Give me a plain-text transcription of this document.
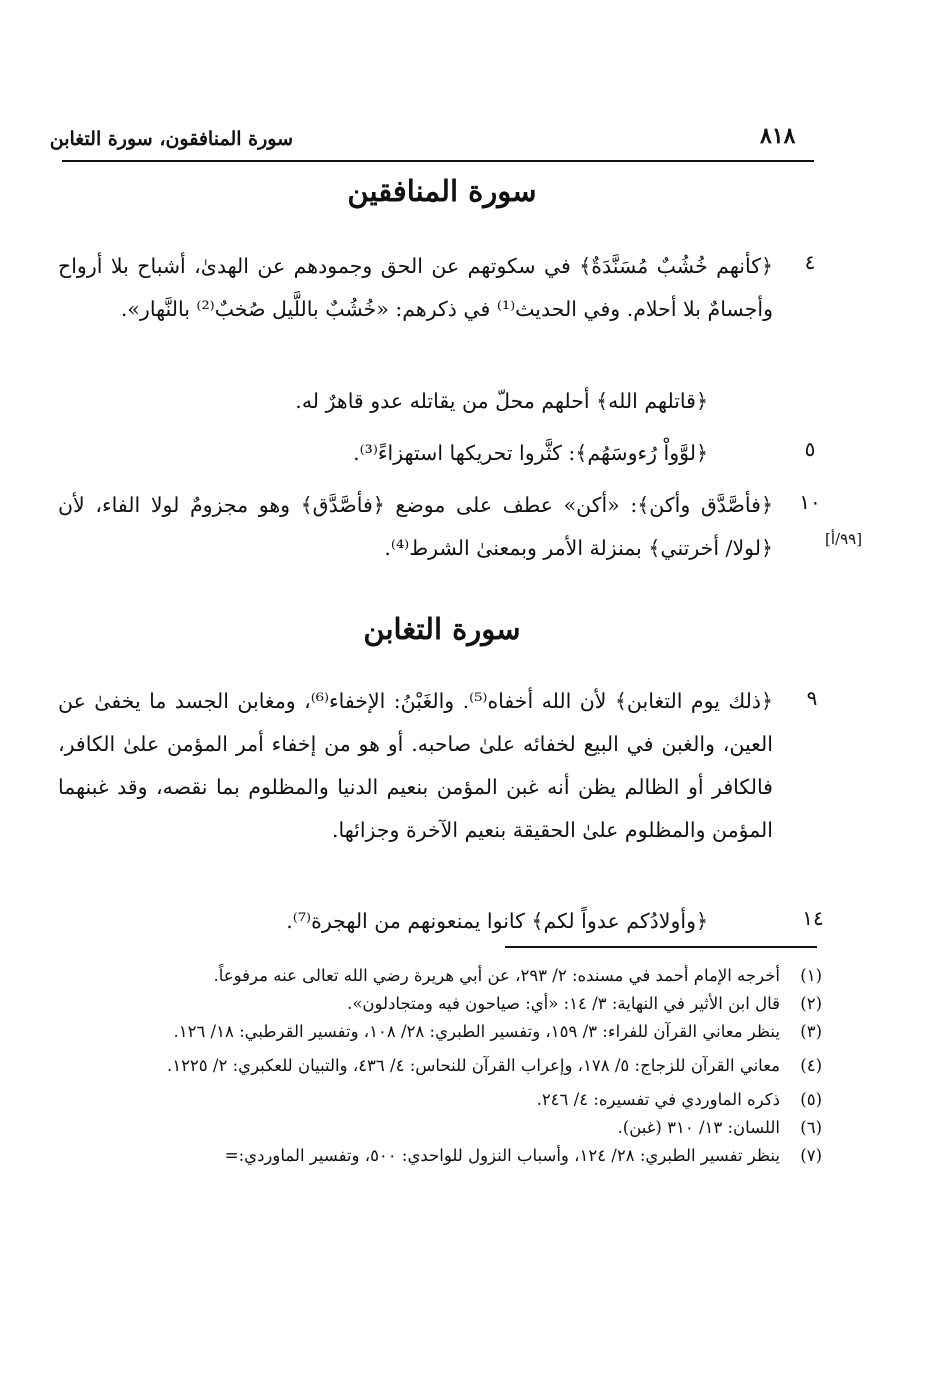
سورة المنافقون، سورة التغابن	٨١٨
سورة المنافقين
٤
﴿كأنهم خُشُبٌ مُسَنَّدَةٌ﴾ في سكوتهم عن الحق وجمودهم عن الهدىٰ، أشباح بلا أرواح وأجسامٌ بلا أحلام. وفي الحديث⁽¹⁾ في ذكرهم: «خُشُبٌ باللَّيل صُخبٌ⁽²⁾ بالنَّهار».
﴿قاتلهم الله﴾ أحلهم محلّ من يقاتله عدو قاهرٌ له.
٥
﴿لوَّواْ رُءوسَهُم﴾: كثَّروا تحريكها استهزاءً⁽³⁾.
١٠
﴿فأصَّدَّق وأكن﴾: «أكن» عطف على موضع ﴿فأصَّدَّق﴾ وهو مجزومٌ لولا الفاء، لأن ﴿لولا/ أخرتني﴾ بمنزلة الأمر وبمعنىٰ الشرط⁽⁴⁾.	[٩٩/أ]
سورة التغابن
٩
﴿ذلك يوم التغابن﴾ لأن الله أخفاه⁽⁵⁾. والغَبْنُ: الإخفاء⁽⁶⁾، ومغابن الجسد ما يخفىٰ عن العين، والغبن في البيع لخفائه علىٰ صاحبه. أو هو من إخفاء أمر المؤمن علىٰ الكافر، فالكافر أو الظالم يظن أنه غبن المؤمن بنعيم الدنيا والمظلوم بما نقصه، وقد غبنهما المؤمن والمظلوم علىٰ الحقيقة بنعيم الآخرة وجزائها.
١٤
﴿وأولادُكم عدواً لكم﴾ كانوا يمنعونهم من الهجرة⁽⁷⁾.
(١)
أخرجه الإمام أحمد في مسنده: ٢/ ٢٩٣، عن أبي هريرة رضي الله تعالى عنه مرفوعاً.
(٢)
قال ابن الأثير في النهاية: ٣/ ١٤: «أي: صياحون فيه ومتجادلون».
(٣)
ينظر معاني القرآن للفراء: ٣/ ١٥٩، وتفسير الطبري: ٢٨/ ١٠٨، وتفسير القرطبي: ١٨/ ١٢٦.
(٤)
معاني القرآن للزجاج: ٥/ ١٧٨، وإعراب القرآن للنحاس: ٤/ ٤٣٦، والتبيان للعكبري: ٢/ ١٢٢٥.
(٥)
ذكره الماوردي في تفسيره: ٤/ ٢٤٦.
(٦)
اللسان: ١٣/ ٣١٠ (غبن).
(٧)
ينظر تفسير الطبري: ٢٨/ ١٢٤، وأسباب النزول للواحدي: ٥٠٠، وتفسير الماوردي:=
